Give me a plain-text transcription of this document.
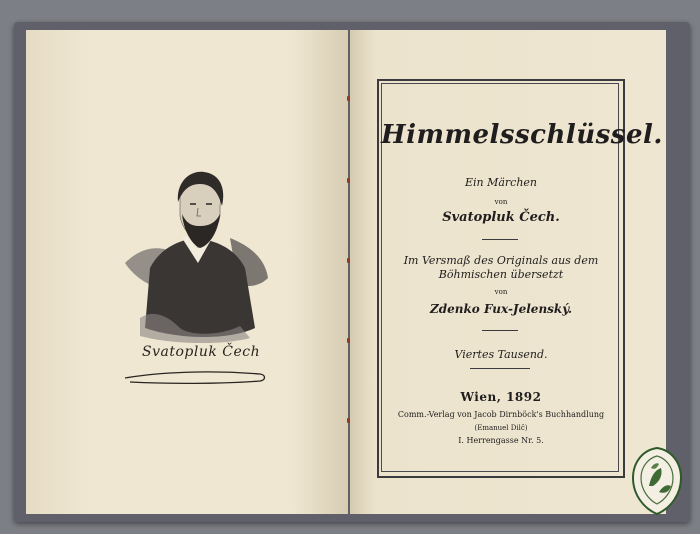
Svatopluk Čech
Himmelsschlüssel.
Ein Märchen
von
Svatopluk Čech.
Im Versmaß des Originals aus dem
Böhmischen übersetzt
von
Zdenko Fux-Jelenský.
Viertes Tausend.
Wien, 1892
Comm.-Verlag von Jacob Dirnböck's Buchhandlung
(Emanuel Dilč)
I. Herrengasse Nr. 5.
